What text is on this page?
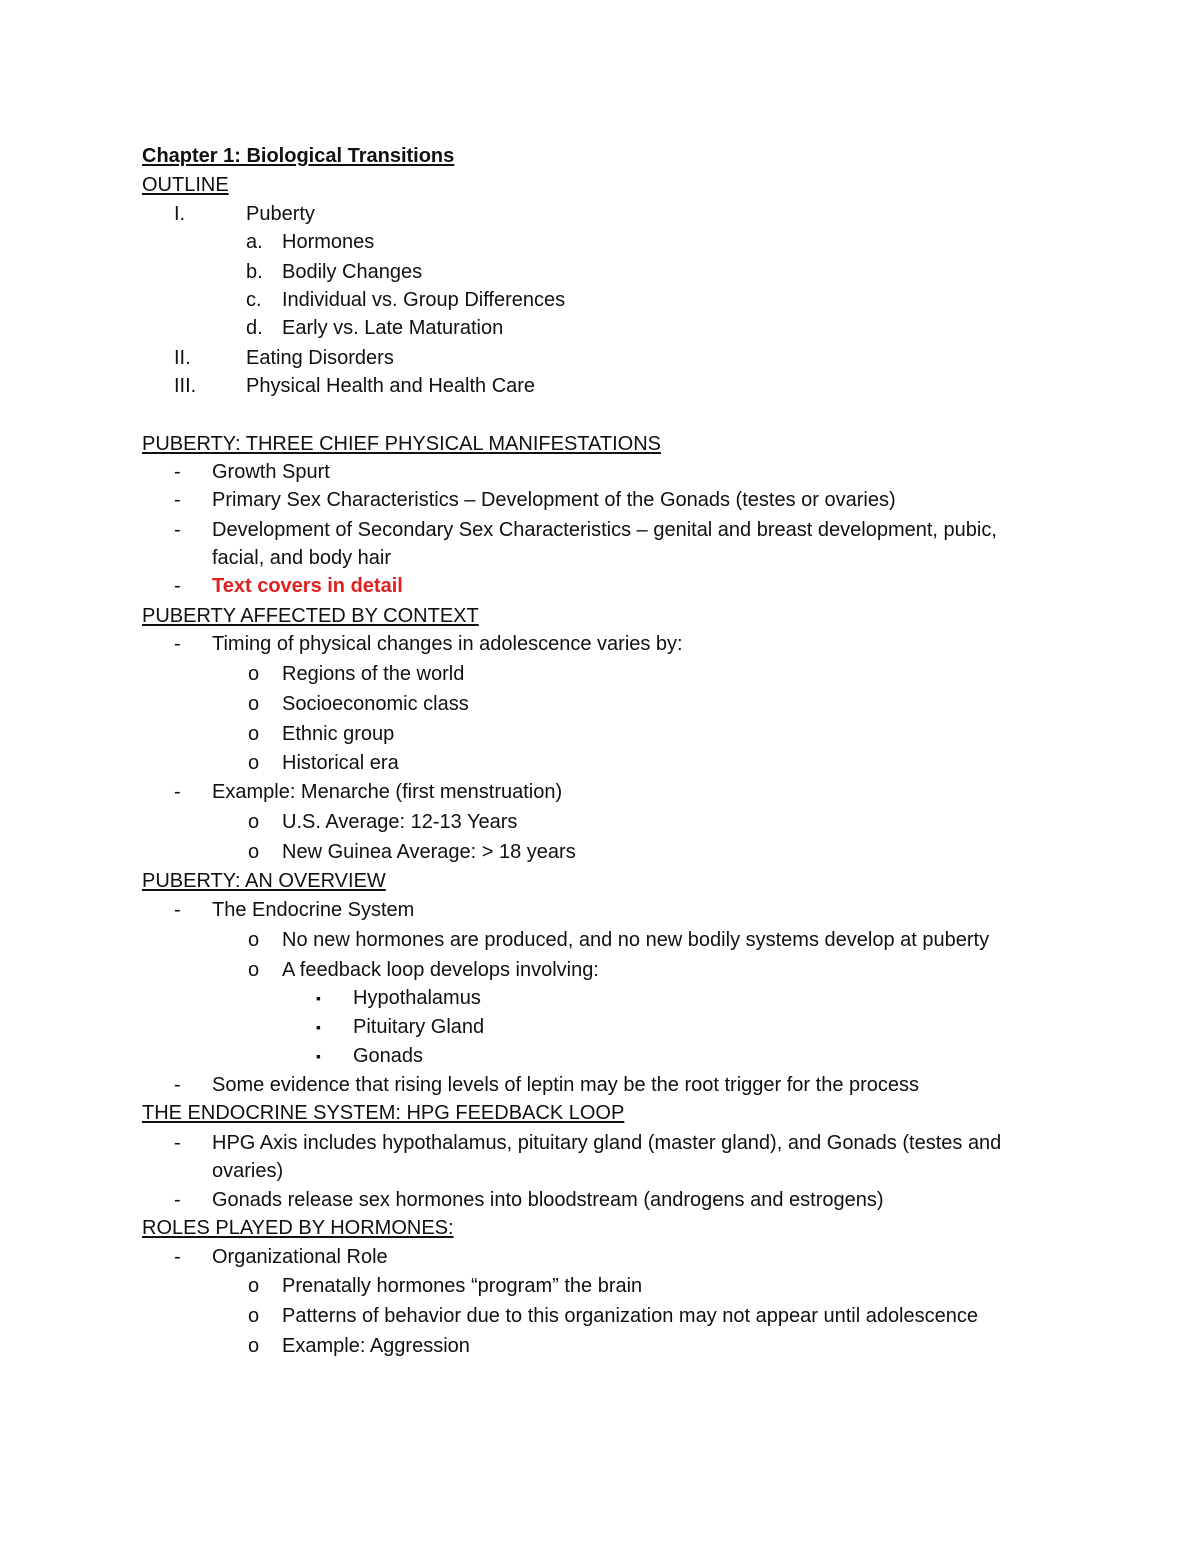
Chapter 1: Biological Transitions
OUTLINE
I.	Puberty
a. Hormones
b. Bodily Changes
c. Individual vs. Group Differences
d. Early vs. Late Maturation
II.	Eating Disorders
III. Physical Health and Health Care
PUBERTY: THREE CHIEF PHYSICAL MANIFESTATIONS
- Growth Spurt
- Primary Sex Characteristics – Development of the Gonads (testes or ovaries)
- Development of Secondary Sex Characteristics – genital and breast development, pubic,
facial, and body hair
- Text covers in detail
PUBERTY AFFECTED BY CONTEXT
- Timing of physical changes in adolescence varies by:
o Regions of the world
o Socioeconomic class
o Ethnic group
o Historical era
- Example: Menarche (first menstruation)
o U.S. Average: 12-13 Years
o New Guinea Average: > 18 years
PUBERTY: AN OVERVIEW
- The Endocrine System
o No new hormones are produced, and no new bodily systems develop at puberty
o A feedback loop develops involving:
▪ Hypothalamus
▪ Pituitary Gland
▪ Gonads
- Some evidence that rising levels of leptin may be the root trigger for the process
THE ENDOCRINE SYSTEM: HPG FEEDBACK LOOP
- HPG Axis includes hypothalamus, pituitary gland (master gland), and Gonads (testes and
ovaries)
- Gonads release sex hormones into bloodstream (androgens and estrogens)
ROLES PLAYED BY HORMONES:
- Organizational Role
o Prenatally hormones “program” the brain
o Patterns of behavior due to this organization may not appear until adolescence
o Example: Aggression
